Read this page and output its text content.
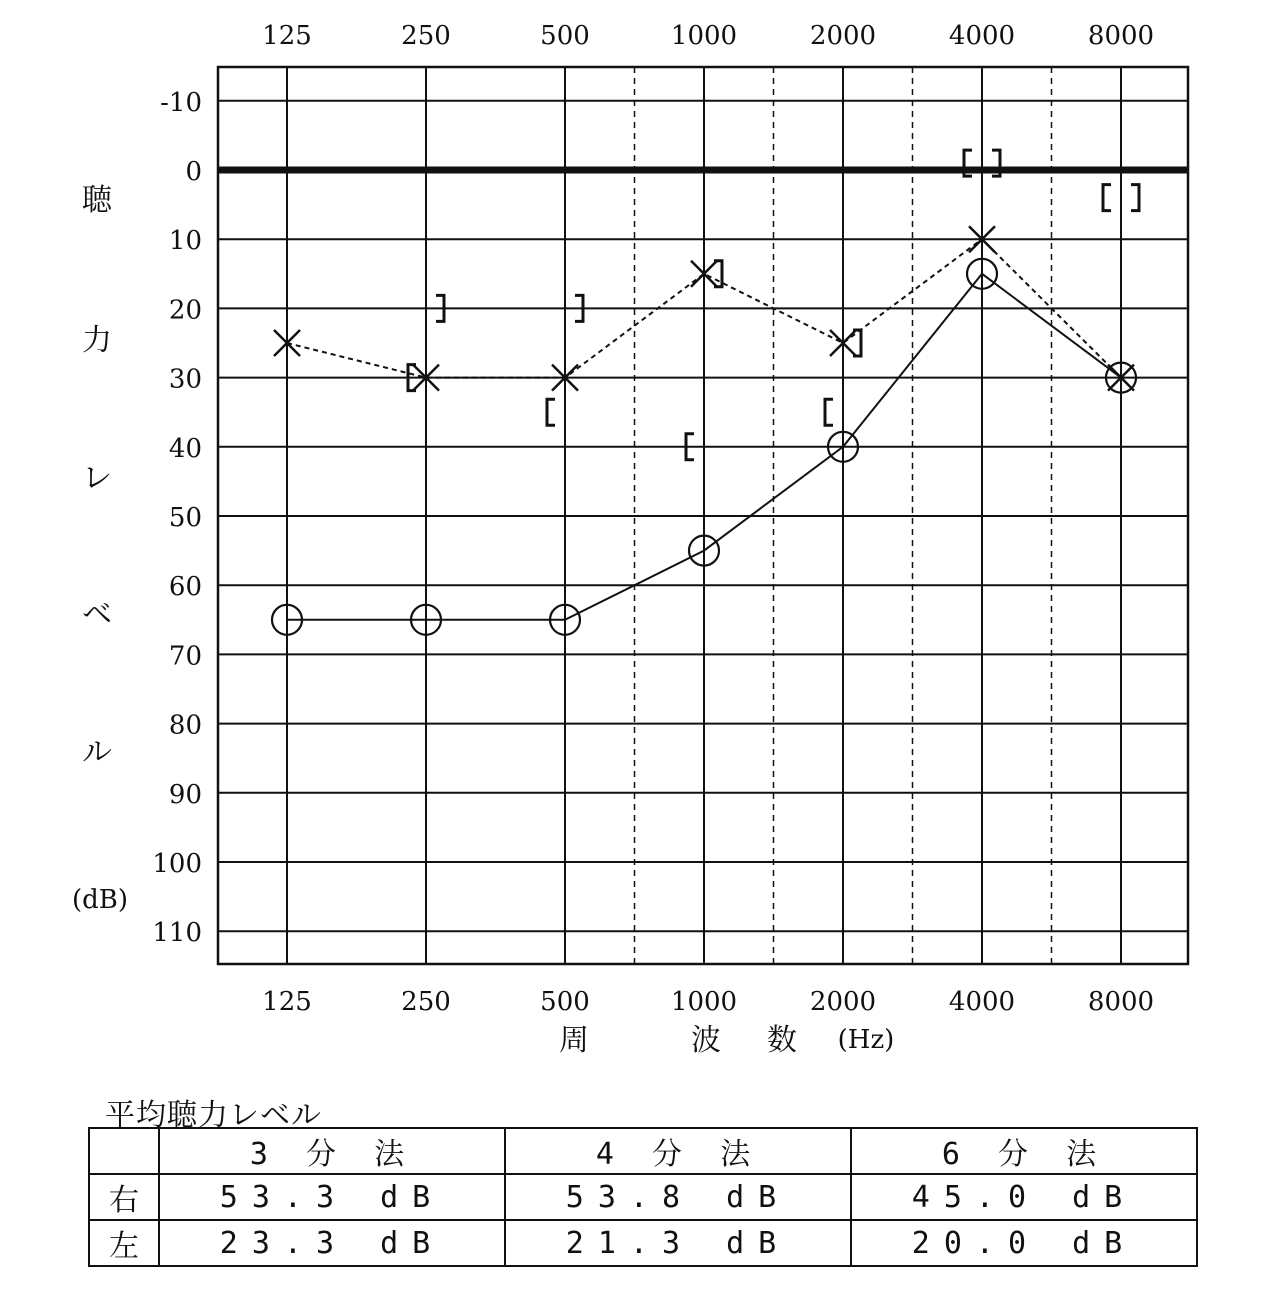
-10
0
10
20
30
40
50
60
70
80
90
100
110
125
125
250
250
500
500
1000
1000
2000
2000
4000
4000
8000
8000
聴
力
レ
ベ
ル
(dB)
周	波 数 (Hz)
平均聴力レベル
	3 分 法	4 分 法	6 分 法
右	53.3 dB	53.8 dB	45.0 dB
左	23.3 dB	21.3 dB	20.0 dB
